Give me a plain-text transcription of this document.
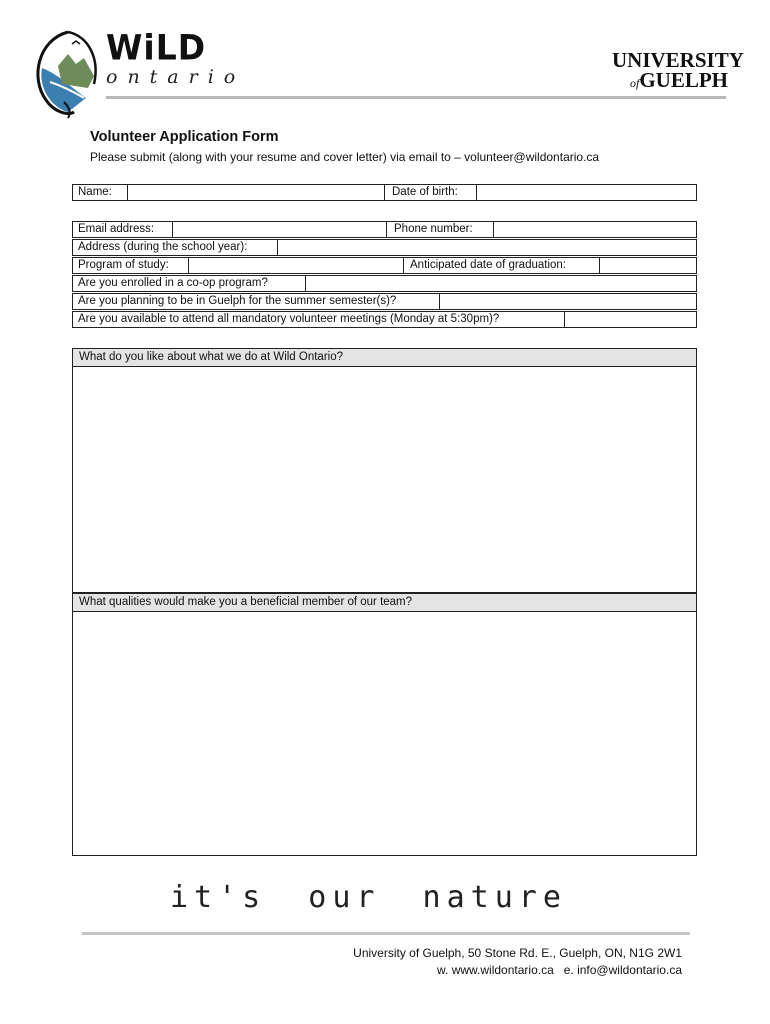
WiLD
ontario
UNIVERSITY
ofGUELPH
Volunteer Application Form
Please submit (along with your resume and cover letter) via email to – volunteer@wildontario.ca
Name:	Date of birth:
Email address:	Phone number:
Address (during the school year):
Program of study:	Anticipated date of graduation:
Are you enrolled in a co-op program?
Are you planning to be in Guelph for the summer semester(s)?
Are you available to attend all mandatory volunteer meetings (Monday at 5:30pm)?
What do you like about what we do at Wild Ontario?
What qualities would make you a beneficial member of our team?
it's our nature
University of Guelph, 50 Stone Rd. E., Guelph, ON, N1G 2W1
w. www.wildontario.ca   e. info@wildontario.ca
